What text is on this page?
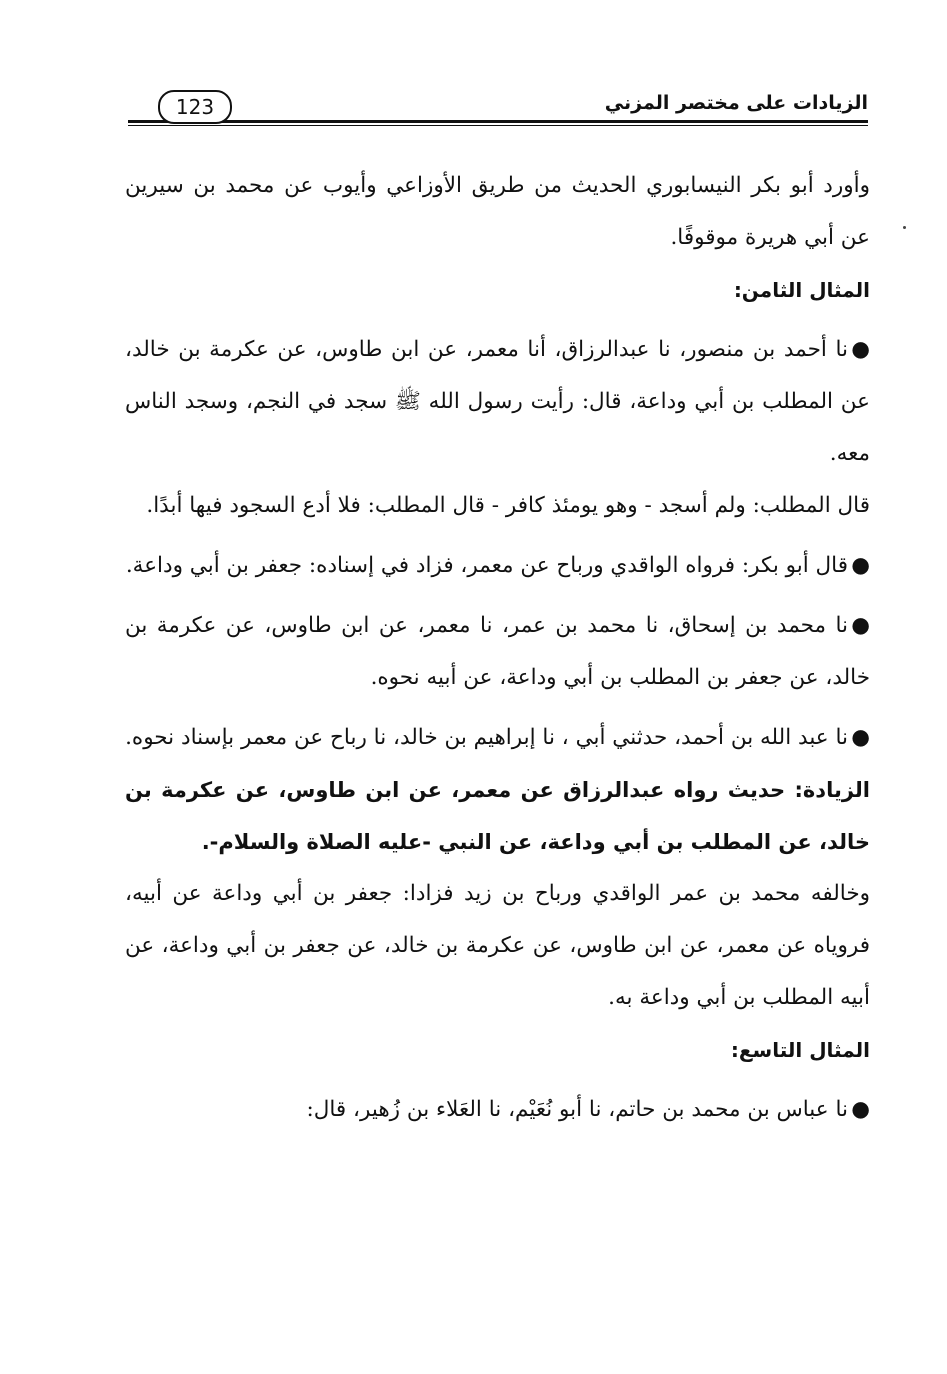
الزيادات على مختصر المزني
123

وأورد أبو بكر النيسابوري الحديث من طريق الأوزاعي وأيوب عن محمد بن سيرين عن أبي هريرة موقوفًا.

المثال الثامن:

●نا أحمد بن منصور، نا عبدالرزاق، أنا معمر، عن ابن طاوس، عن عكرمة بن خالد، عن المطلب بن أبي وداعة، قال: رأيت رسول الله ﷺ سجد في النجم، وسجد الناس معه.

قال المطلب: ولم أسجد - وهو يومئذ كافر - قال المطلب: فلا أدع السجود فيها أبدًا.

●قال أبو بكر: فرواه الواقدي ورباح عن معمر، فزاد في إسناده: جعفر بن أبي وداعة.

●نا محمد بن إسحاق، نا محمد بن عمر، نا معمر، عن ابن طاوس، عن عكرمة بن خالد، عن جعفر بن المطلب بن أبي وداعة، عن أبيه نحوه.

●نا عبد الله بن أحمد، حدثني أبي ، نا إبراهيم بن خالد، نا رباح عن معمر بإسناد نحوه.

الزيادة: حديث رواه عبدالرزاق عن معمر، عن ابن طاوس، عن عكرمة بن خالد، عن المطلب بن أبي وداعة، عن النبي -عليه الصلاة والسلام-.

وخالفه محمد بن عمر الواقدي ورباح بن زيد فزادا: جعفر بن أبي وداعة عن أبيه، فروياه عن معمر، عن ابن طاوس، عن عكرمة بن خالد، عن جعفر بن أبي وداعة، عن أبيه المطلب بن أبي وداعة به.

المثال التاسع:

●نا عباس بن محمد بن حاتم، نا أبو نُعَيْم، نا العَلاء بن زُهير، قال:
